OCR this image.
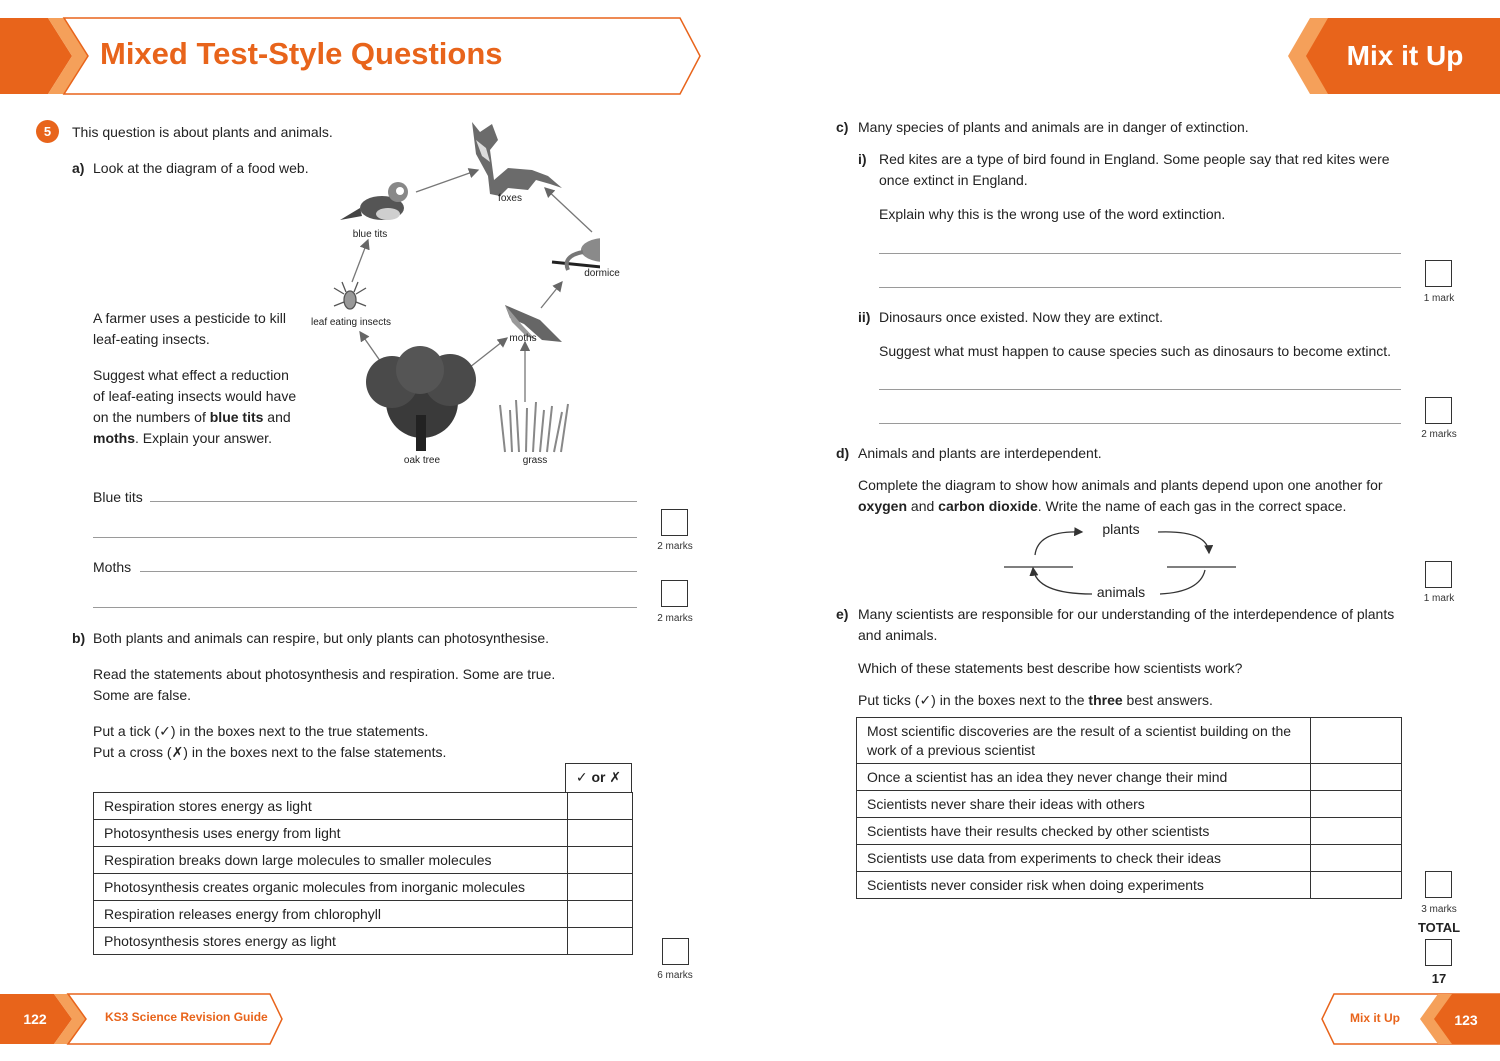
Mixed Test-Style Questions	Mix it Up
5	This question is about plants and animals.
a) Look at the diagram of a food web.
A farmer uses a pesticide to kill leaf-eating insects.
Suggest what effect a reduction of leaf-eating insects would have on the numbers of blue tits and moths. Explain your answer.
foxes
blue tits
dormice
leaf eating insects
moths
oak tree	grass
Blue tits
2 marks
Moths
2 marks
b) Both plants and animals can respire, but only plants can photosynthesise.
Read the statements about photosynthesis and respiration. Some are true. Some are false.
Put a tick (✓) in the boxes next to the true statements.
Put a cross (✗) in the boxes next to the false statements.
✓ or ✗
Respiration stores energy as light	
Photosynthesis uses energy from light	
Respiration breaks down large molecules to smaller molecules	
Photosynthesis creates organic molecules from inorganic molecules	
Respiration releases energy from chlorophyll	
Photosynthesis stores energy as light	
6 marks
c) Many species of plants and animals are in danger of extinction.
i) Red kites are a type of bird found in England. Some people say that red kites were once extinct in England.
Explain why this is the wrong use of the word extinction.
1 mark
ii) Dinosaurs once existed. Now they are extinct.
Suggest what must happen to cause species such as dinosaurs to become extinct.
2 marks
d) Animals and plants are interdependent.
Complete the diagram to show how animals and plants depend upon one another for oxygen and carbon dioxide. Write the name of each gas in the correct space.
plants
animals	1 mark
e) Many scientists are responsible for our understanding of the interdependence of plants and animals.
Which of these statements best describe how scientists work?
Put ticks (✓) in the boxes next to the three best answers.
Most scientific discoveries are the result of a scientist building on the work of a previous scientist	
Once a scientist has an idea they never change their mind	
Scientists never share their ideas with others	
Scientists have their results checked by other scientists	
Scientists use data from experiments to check their ideas	
Scientists never consider risk when doing experiments	
3 marks
TOTAL
17
122	KS3 Science Revision Guide	Mix it Up	123
